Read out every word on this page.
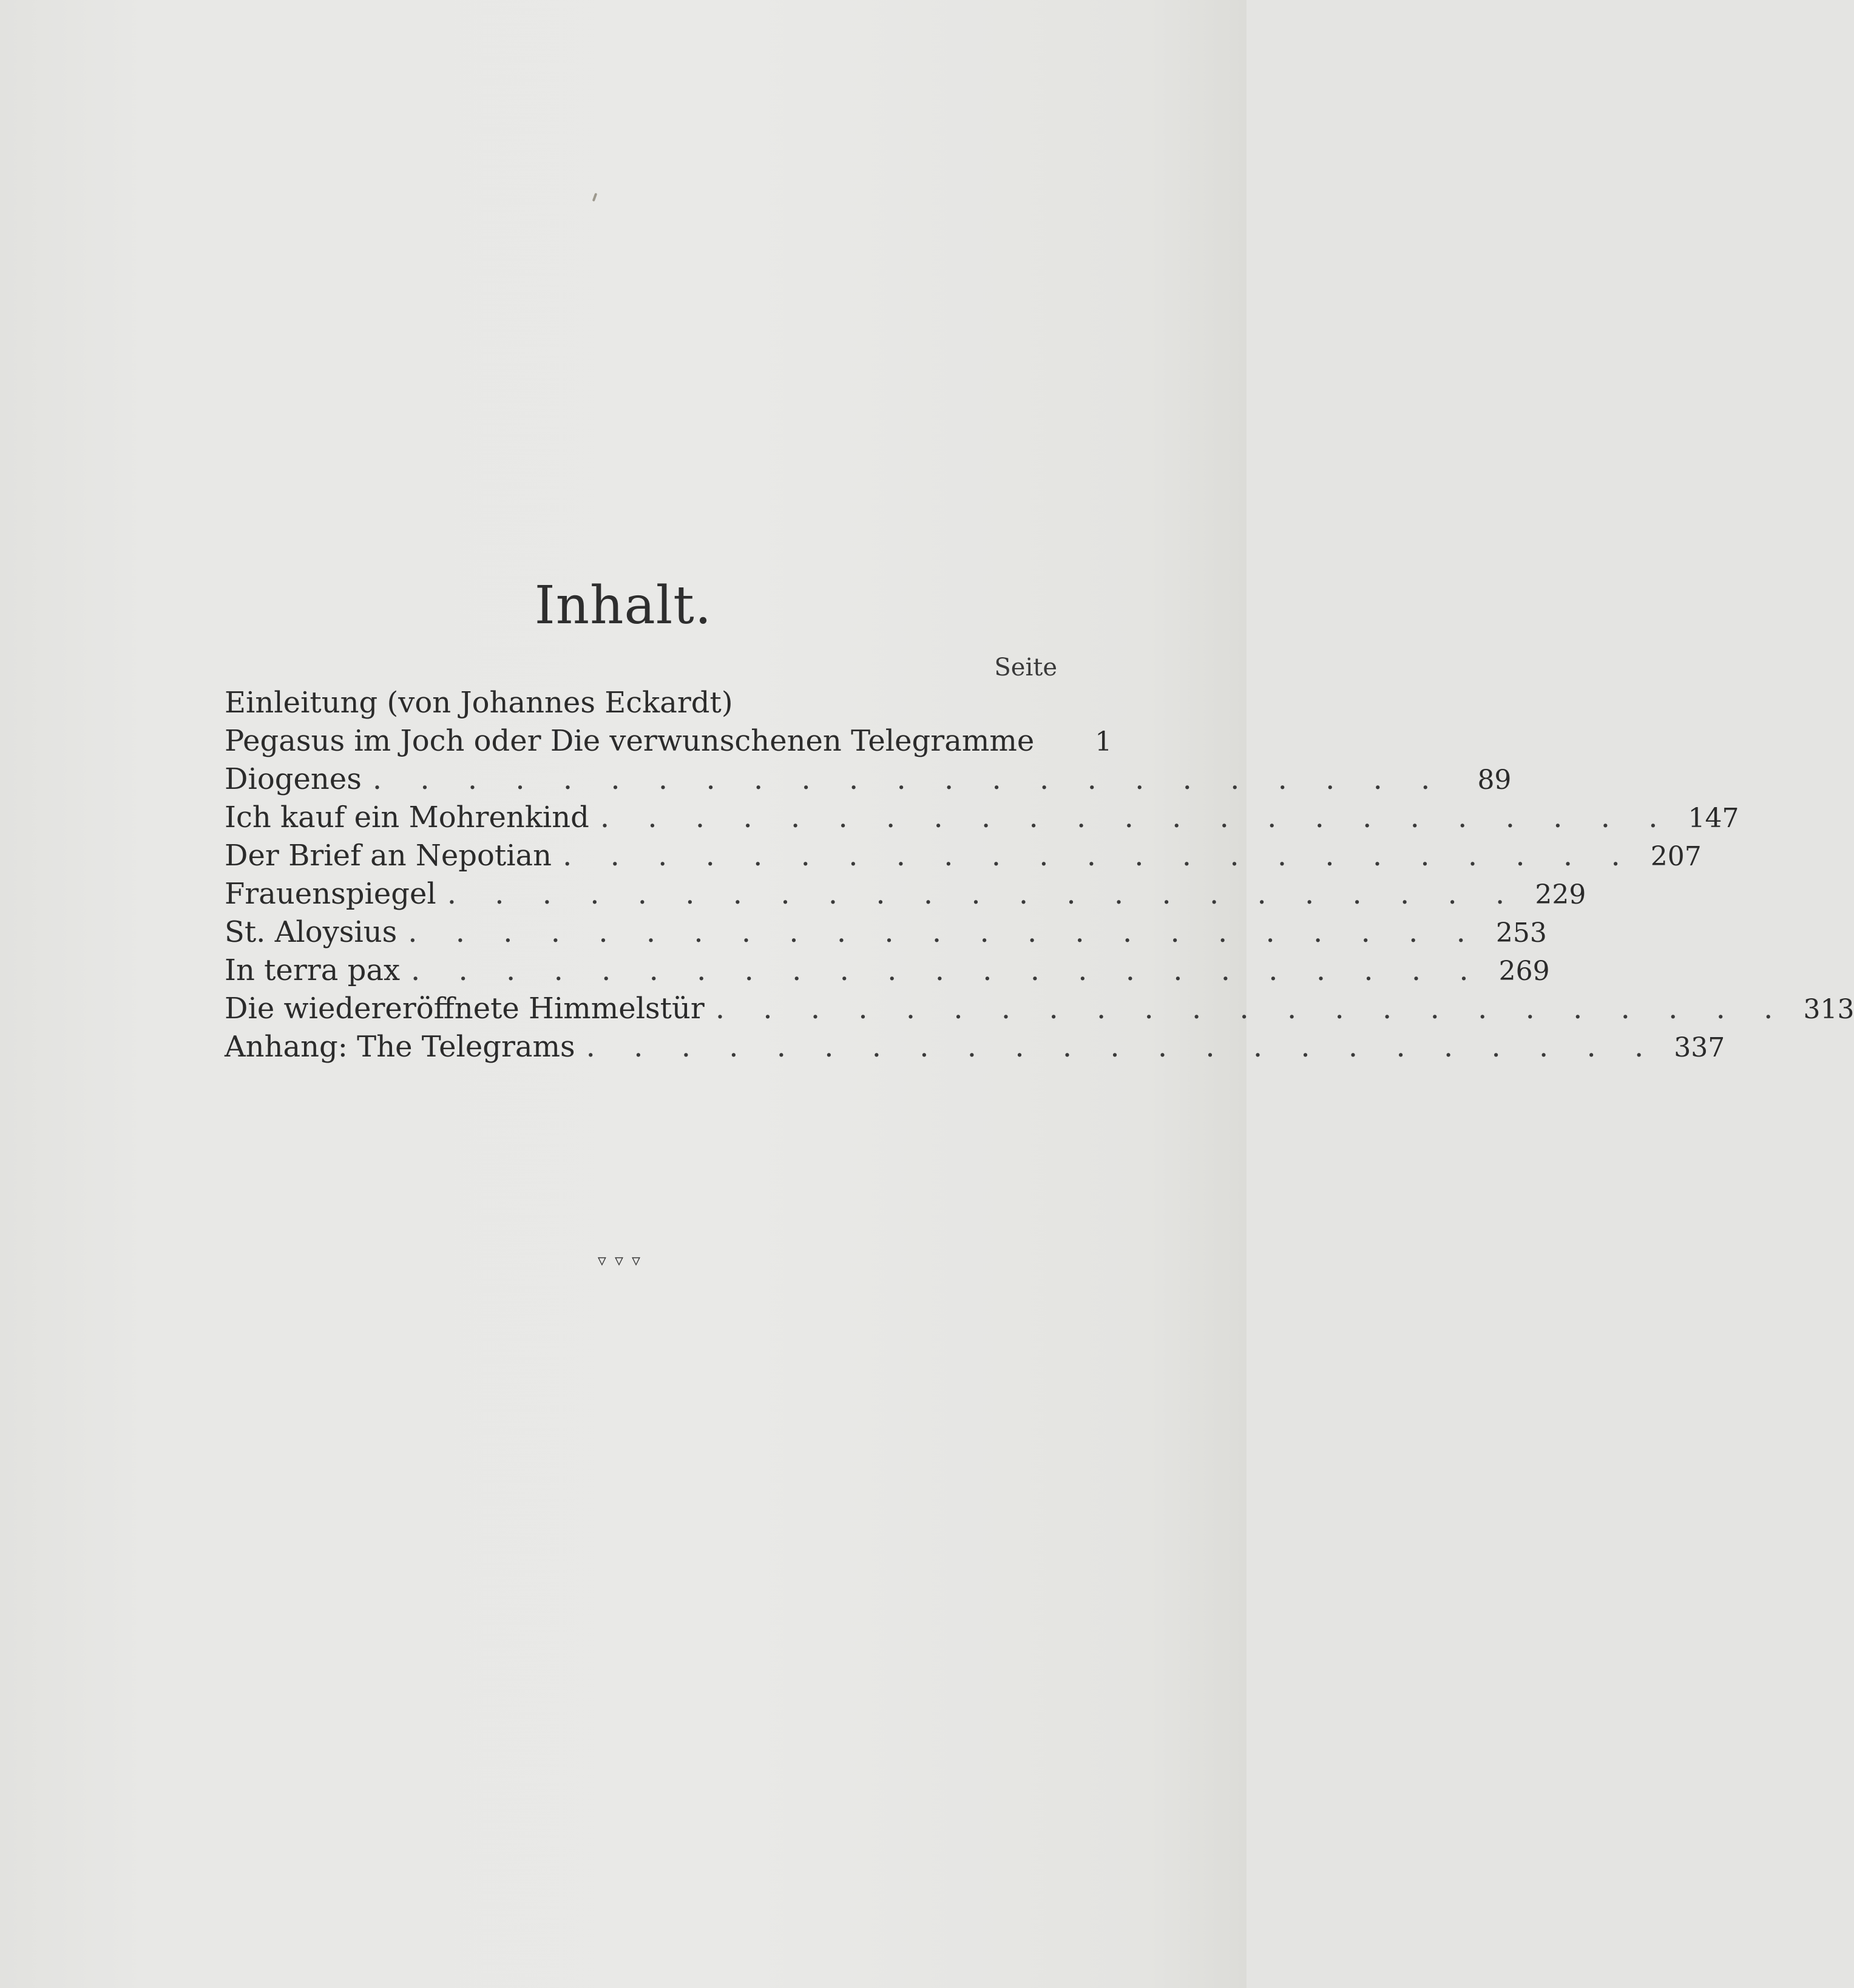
Inhalt.
Seite
Einleitung (von Johannes Eckardt)
Pegasus im Joch oder Die verwunschenen Telegramme	1
Diogenes . . . . . . . . . . . . . . . . . . . . . . .	89
Ich kauf ein Mohrenkind . . . . . . . . . . . . . . . . . . . . . . . 147
Der Brief an Nepotian . . . . . . . . . . . . . . . . . . . . . . . 207
Frauenspiegel . . . . . . . . . . . . . . . . . . . . . . . 229
St. Aloysius . . . . . . . . . . . . . . . . . . . . . . . 253
In terra pax . . . . . . . . . . . . . . . . . . . . . . . 269
Die wiedereröffnete Himmelstür . . . . . . . . . . . . . . . . . . . . . . . 313
Anhang: The Telegrams . . . . . . . . . . . . . . . . . . . . . . . 337
▿▿▿
